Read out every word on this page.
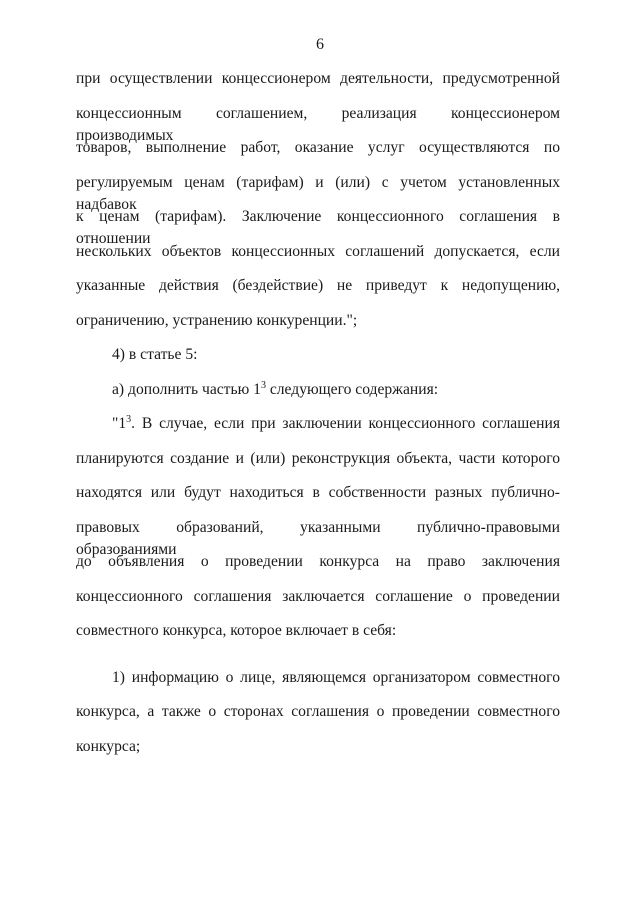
6
при осуществлении концессионером деятельности, предусмотренной
концессионным соглашением, реализация концессионером производимых
товаров, выполнение работ, оказание услуг осуществляются по
регулируемым ценам (тарифам) и (или) с учетом установленных надбавок
к ценам (тарифам). Заключение концессионного соглашения в отношении
нескольких объектов концессионных соглашений допускается, если
указанные действия (бездействие) не приведут к недопущению,
ограничению, устранению конкуренции.";
4) в статье 5:
а) дополнить частью $1^3$ следующего содержания:
"$1^3$. В случае, если при заключении концессионного соглашения
планируются создание и (или) реконструкция объекта, части которого
находятся или будут находиться в собственности разных публично-
правовых образований, указанными публично-правовыми образованиями
до объявления о проведении конкурса на право заключения
концессионного соглашения заключается соглашение о проведении
совместного конкурса, которое включает в себя:
1) информацию о лице, являющемся организатором совместного
конкурса, а также о сторонах соглашения о проведении совместного
конкурса;
